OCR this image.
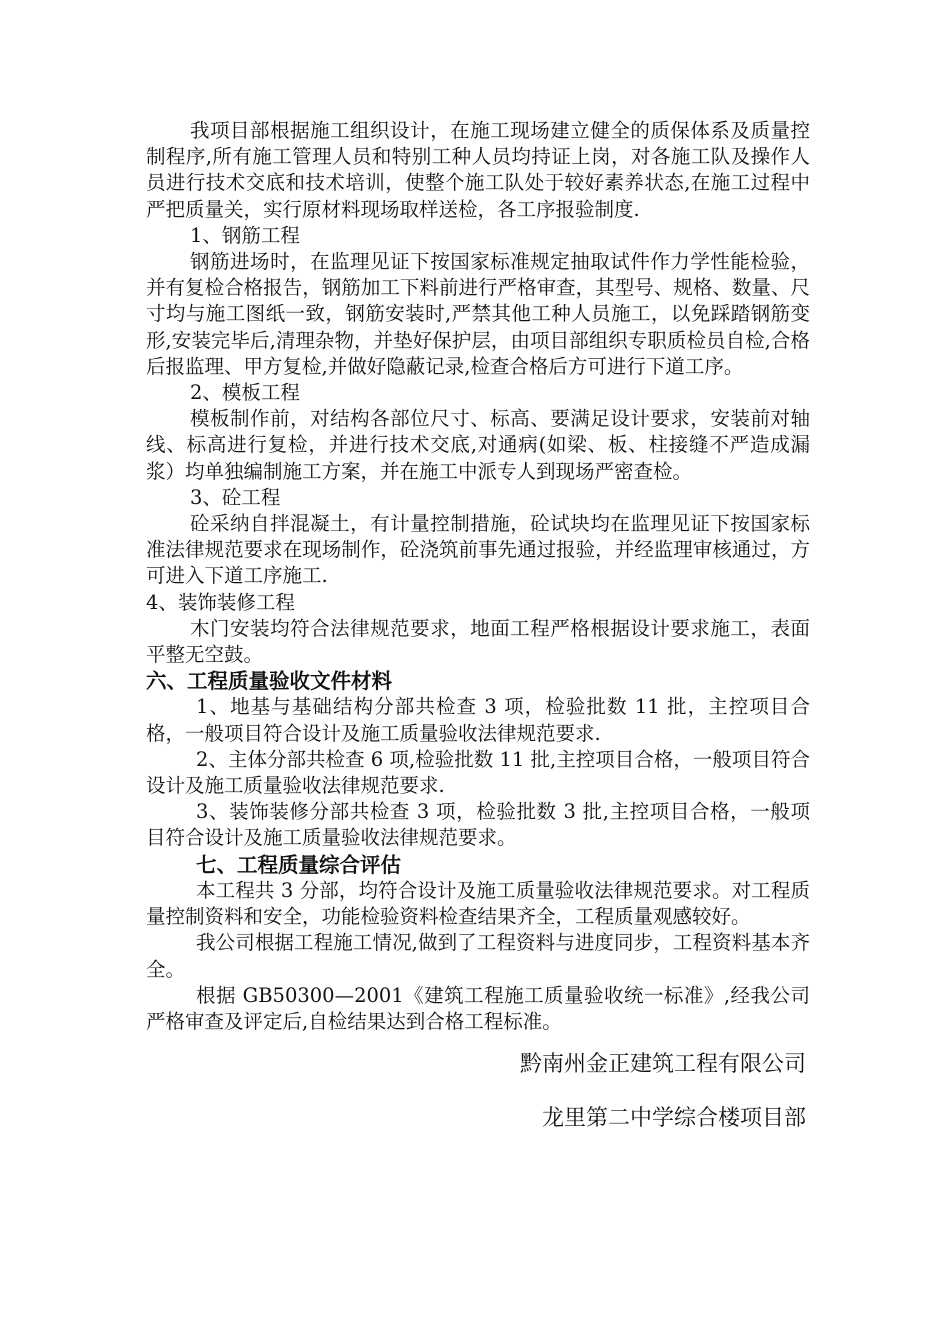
我项目部根据施工组织设计，在施工现场建立健全的质保体系及质量控制程序,所有施工管理人员和特别工种人员均持证上岗，对各施工队及操作人员进行技术交底和技术培训，使整个施工队处于较好素养状态,在施工过程中严把质量关，实行原材料现场取样送检，各工序报验制度.

1、钢筋工程

钢筋进场时，在监理见证下按国家标准规定抽取试件作力学性能检验，并有复检合格报告，钢筋加工下料前进行严格审查，其型号、规格、数量、尺寸均与施工图纸一致，钢筋安装时,严禁其他工种人员施工，以免踩踏钢筋变形,安装完毕后,清理杂物，并垫好保护层，由项目部组织专职质检员自检,合格后报监理、甲方复检,并做好隐蔽记录,检查合格后方可进行下道工序。

2、模板工程

模板制作前，对结构各部位尺寸、标高、要满足设计要求，安装前对轴线、标高进行复检，并进行技术交底,对通病(如梁、板、柱接缝不严造成漏浆）均单独编制施工方案，并在施工中派专人到现场严密查检。

3、砼工程

砼采纳自拌混凝土，有计量控制措施，砼试块均在监理见证下按国家标准法律规范要求在现场制作，砼浇筑前事先通过报验，并经监理审核通过，方可进入下道工序施工.

4、装饰装修工程

木门安装均符合法律规范要求，地面工程严格根据设计要求施工，表面平整无空鼓。

六、工程质量验收文件材料

1、地基与基础结构分部共检查 3 项，检验批数 11 批，主控项目合格，一般项目符合设计及施工质量验收法律规范要求.

2、主体分部共检查 6 项,检验批数 11 批,主控项目合格，一般项目符合设计及施工质量验收法律规范要求.

3、装饰装修分部共检查 3 项，检验批数 3 批,主控项目合格，一般项目符合设计及施工质量验收法律规范要求。

七、工程质量综合评估

本工程共 3 分部，均符合设计及施工质量验收法律规范要求。对工程质量控制资料和安全，功能检验资料检查结果齐全，工程质量观感较好。

我公司根据工程施工情况,做到了工程资料与进度同步，工程资料基本齐全。

根据 GB50300—2001《建筑工程施工质量验收统一标准》,经我公司严格审查及评定后,自检结果达到合格工程标准。

黔南州金正建筑工程有限公司

龙里第二中学综合楼项目部
